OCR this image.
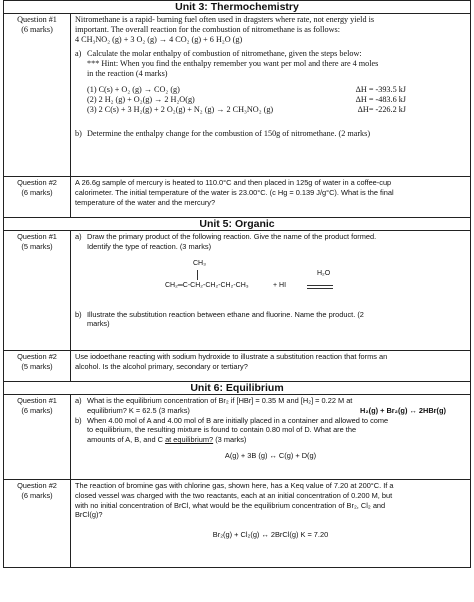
Unit 3: Thermochemistry
Question #1
(6 marks)
Nitromethane is a rapid- burning fuel often used in dragsters where rate, not energy yield is
important. The overall reaction for the combustion of nitromethane is as follows:
4 CH₃NO₂ (g) + 3 O₂ (g) → 4 CO₂ (g) + 6 H₂O (g)
a) Calculate the molar enthalpy of combustion of nitromethane, given the steps below:
*** Hint: When you find the enthalpy remember you want per mol and there are 4 moles
in the reaction (4 marks)
(1) C(s) + O₂ (g) → CO₂ (g)	ΔH = -393.5 kJ
(2) 2 H₂ (g) + O₂(g) → 2 H₂O(g)	ΔH = -483.6 kJ
(3) 2 C(s) + 3 H₂(g) + 2 O₂(g) + N₂ (g) → 2 CH₃NO₂ (g)	ΔH= -226.2 kJ
b) Determine the enthalpy change for the combustion of 150g of nitromethane. (2 marks)
Question #2
(6 marks)
A 26.6g sample of mercury is heated to 110.0°C and then placed in 125g of water in a coffee-cup
calorimeter. The initial temperature of the water is 23.00°C. (c Hg = 0.139 J/g°C). What is the final
temperature of the water and the mercury?
Unit 5: Organic
Question #1
(5 marks)
a) Draw the primary product of the following reaction. Give the name of the product formed.
Identify the type of reaction. (3 marks)
CH₃
CH₂═C-CH₂-CH₂-CH₂-CH₃	+ HI
H₂O
b) Illustrate the substitution reaction between ethane and fluorine. Name the product. (2
marks)
Question #2
(5 marks)
Use iodoethane reacting with sodium hydroxide to illustrate a substitution reaction that forms an
alcohol. Is the alcohol primary, secondary or tertiary?
Unit 6: Equilibrium
Question #1
(6 marks)
a) What is the equilibrium concentration of Br₂ if [HBr] = 0.35 M and [H₂] = 0.22 M at
equilibrium? K = 62.5 (3 marks)	H₂(g) + Br₂(g) ↔ 2HBr(g)
b) When 4.00 mol of A and 4.00 mol of B are initially placed in a container and allowed to come
to equilibrium, the resulting mixture is found to contain 0.80 mol of D. What are the
amounts of A, B, and C at equilibrium? (3 marks)
A(g) + 3B (g) ↔ C(g) + D(g)
Question #2
(6 marks)
The reaction of bromine gas with chlorine gas, shown here, has a Keq value of 7.20 at 200°C. If a
closed vessel was charged with the two reactants, each at an initial concentration of 0.200 M, but
with no initial concentration of BrCl, what would be the equilibrium concentration of Br₂, Cl₂ and
BrCl(g)?
Br₂(g) + Cl₂(g) ↔ 2BrCl(g) K = 7.20
